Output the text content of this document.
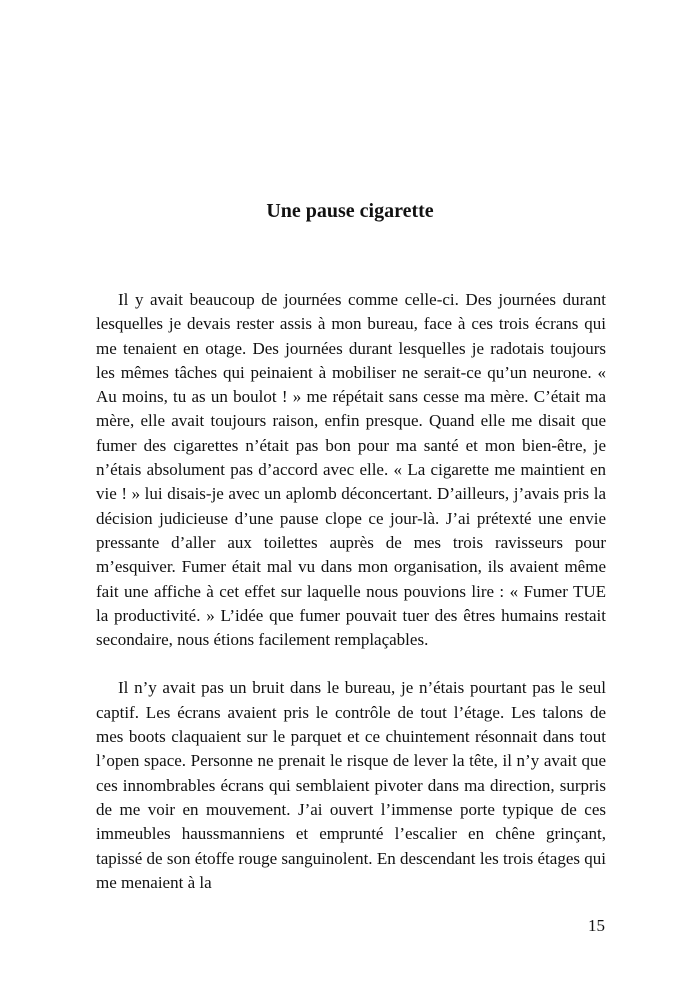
Une pause cigarette

Il y avait beaucoup de journées comme celle-ci. Des journées durant lesquelles je devais rester assis à mon bureau, face à ces trois écrans qui me tenaient en otage. Des journées durant lesquelles je radotais toujours les mêmes tâches qui peinaient à mobiliser ne serait-ce qu’un neurone. « Au moins, tu as un boulot ! » me répétait sans cesse ma mère. C’était ma mère, elle avait toujours raison, enfin presque. Quand elle me disait que fumer des cigarettes n’était pas bon pour ma santé et mon bien-être, je n’étais absolument pas d’accord avec elle. « La cigarette me maintient en vie ! » lui disais-je avec un aplomb déconcertant. D’ailleurs, j’avais pris la décision judicieuse d’une pause clope ce jour-là. J’ai prétexté une envie pressante d’aller aux toilettes auprès de mes trois ravisseurs pour m’esquiver. Fumer était mal vu dans mon organisation, ils avaient même fait une affiche à cet effet sur laquelle nous pouvions lire : « Fumer TUE la productivité. » L’idée que fumer pouvait tuer des êtres humains restait secondaire, nous étions facilement remplaçables.

Il n’y avait pas un bruit dans le bureau, je n’étais pourtant pas le seul captif. Les écrans avaient pris le contrôle de tout l’étage. Les talons de mes boots claquaient sur le parquet et ce chuintement résonnait dans tout l’open space. Personne ne prenait le risque de lever la tête, il n’y avait que ces innombrables écrans qui semblaient pivoter dans ma direction, surpris de me voir en mouvement. J’ai ouvert l’immense porte typique de ces immeubles haussmanniens et emprunté l’escalier en chêne grinçant, tapissé de son étoffe rouge sanguinolent. En descendant les trois étages qui me menaient à la

15
